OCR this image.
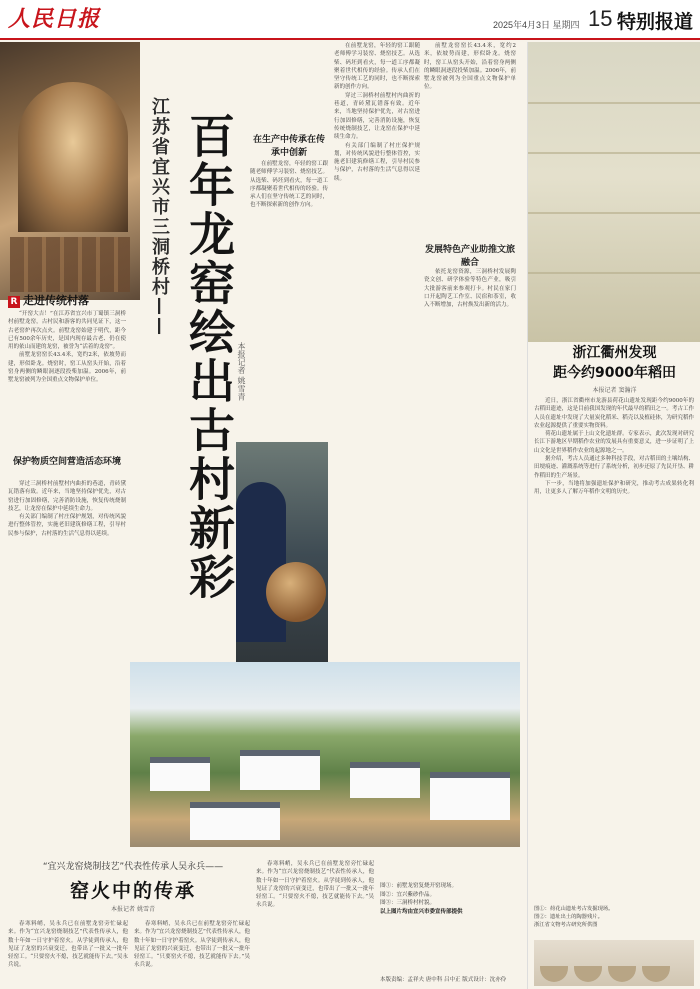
人民日报	2025年4月3日 星期四 15 特别报道
江苏省宜兴市三洞桥村—— 百年龙窑绘出古村新彩 本报记者 姚雪青
R 走进传统村落

“开窑大吉！”在江苏省宜兴市丁蜀镇三洞桥村前墅龙窑，古村民和游客的共同见证下，这一古老窑炉再次点火。前墅龙窑始建于明代，距今已有500余年历史，是国内现存最古老、仍在使用的依山而建的龙窑，被誉为“活着的龙窑”。

前墅龙窑窑长43.4米，宽约2米，依坡势而建，形似卧龙。烧窑时，窑工从窑头开始，沿着窑身两侧的鳞眼洞逐段投柴加温。2006年，前墅龙窑被列为全国重点文物保护单位。

保护物质空间营造活态环境

穿过三洞桥村前墅村内曲折的巷道，青砖黛瓦错落有致。近年来，当地坚持保护优先，对古窑进行加固修缮，完善消防设施，恢复传统烧制技艺，让龙窑在保护中延续生命力。

有关部门编制了村庄保护规划，对传统风貌进行整体管控，实施老旧建筑修缮工程，引导村民参与保护，古村落的生活气息得以延续。

在生产中传承在传承中创新

在前墅龙窑，年轻的窑工跟随老师傅学习装窑、烧窑技艺。从选柴、码坯到看火，每一道工序都凝聚着世代相传的经验。传承人们在坚守传统工艺的同时，也不断探索新的创作方向。

在前墅龙窑，年轻的窑工跟随老师傅学习装窑、烧窑技艺。从选柴、码坯到看火，每一道工序都凝聚着世代相传的经验。传承人们在坚守传统工艺的同时，也不断探索新的创作方向。

穿过三洞桥村前墅村内曲折的巷道，青砖黛瓦错落有致。近年来，当地坚持保护优先，对古窑进行加固修缮，完善消防设施，恢复传统烧制技艺，让龙窑在保护中延续生命力。

有关部门编制了村庄保护规划，对传统风貌进行整体管控，实施老旧建筑修缮工程，引导村民参与保护，古村落的生活气息得以延续。

前墅龙窑窑长43.4米，宽约2米，依坡势而建，形似卧龙。烧窑时，窑工从窑头开始，沿着窑身两侧的鳞眼洞逐段投柴加温。2006年，前墅龙窑被列为全国重点文物保护单位。

发展特色产业助推文旅融合

依托龙窑资源，三洞桥村发展陶瓷文创、研学体验等特色产业，吸引大批游客前来参观打卡。村民在家门口开起陶艺工作室、民宿和茶室，收入不断增加，古村焕发出新的活力。

“宜兴龙窑烧制技艺”代表性传承人吴永兵——
窑火中的传承
本报记者 姚雪青

春寒料峭，吴永兵已在前墅龙窑旁忙碌起来。作为“宜兴龙窑烧制技艺”代表性传承人，他数十年如一日守护着窑火。从学徒到传承人，他见证了龙窑的兴衰变迁，也带出了一批又一批年轻窑工。“只要窑火不熄，技艺就能传下去。”吴永兵说。

春寒料峭，吴永兵已在前墅龙窑旁忙碌起来。作为“宜兴龙窑烧制技艺”代表性传承人，他数十年如一日守护着窑火。从学徒到传承人，他见证了龙窑的兴衰变迁，也带出了一批又一批年轻窑工。“只要窑火不熄，技艺就能传下去。”吴永兵说。

春寒料峭，吴永兵已在前墅龙窑旁忙碌起来。作为“宜兴龙窑烧制技艺”代表性传承人，他数十年如一日守护着窑火。从学徒到传承人，他见证了龙窑的兴衰变迁，也带出了一批又一批年轻窑工。“只要窑火不熄，技艺就能传下去。”吴永兵说。

图①：前墅龙窑复烧开窑现场。
图②：宜兴紫砂作品。
图③：三洞桥村村貌。
以上图片均由宜兴市委宣传部提供
本版责编：孟祥夫 唐中科 吕中正 版式设计：沈亦伶
浙江衢州发现
距今约9000年稻田
本报记者 窦瀚洋

近日，浙江省衢州市龙游县荷花山遗址发现距今约9000年的古稻田遗迹，这是目前我国发现的年代最早的稻田之一。考古工作人员在遗址中发现了大量炭化稻米、稻壳以及植硅体，为研究稻作农业起源提供了重要实物资料。

荷花山遗址属于上山文化遗址群。专家表示，此次发现对研究长江下游地区早期稻作农业的发展具有重要意义，进一步证明了上山文化是世界稻作农业的起源地之一。

据介绍，考古人员通过多种科技手段，对古稻田的土壤结构、田埂痕迹、灌溉系统等进行了系统分析，初步还原了先民开垦、耕作稻田的生产场景。

下一步，当地将加强遗址保护和研究，推动考古成果转化利用，让更多人了解万年稻作文明的历史。

图①：荷花山遗址考古发掘现场。
图②：遗址出土的陶器残片。
浙江省文物考古研究所供图
